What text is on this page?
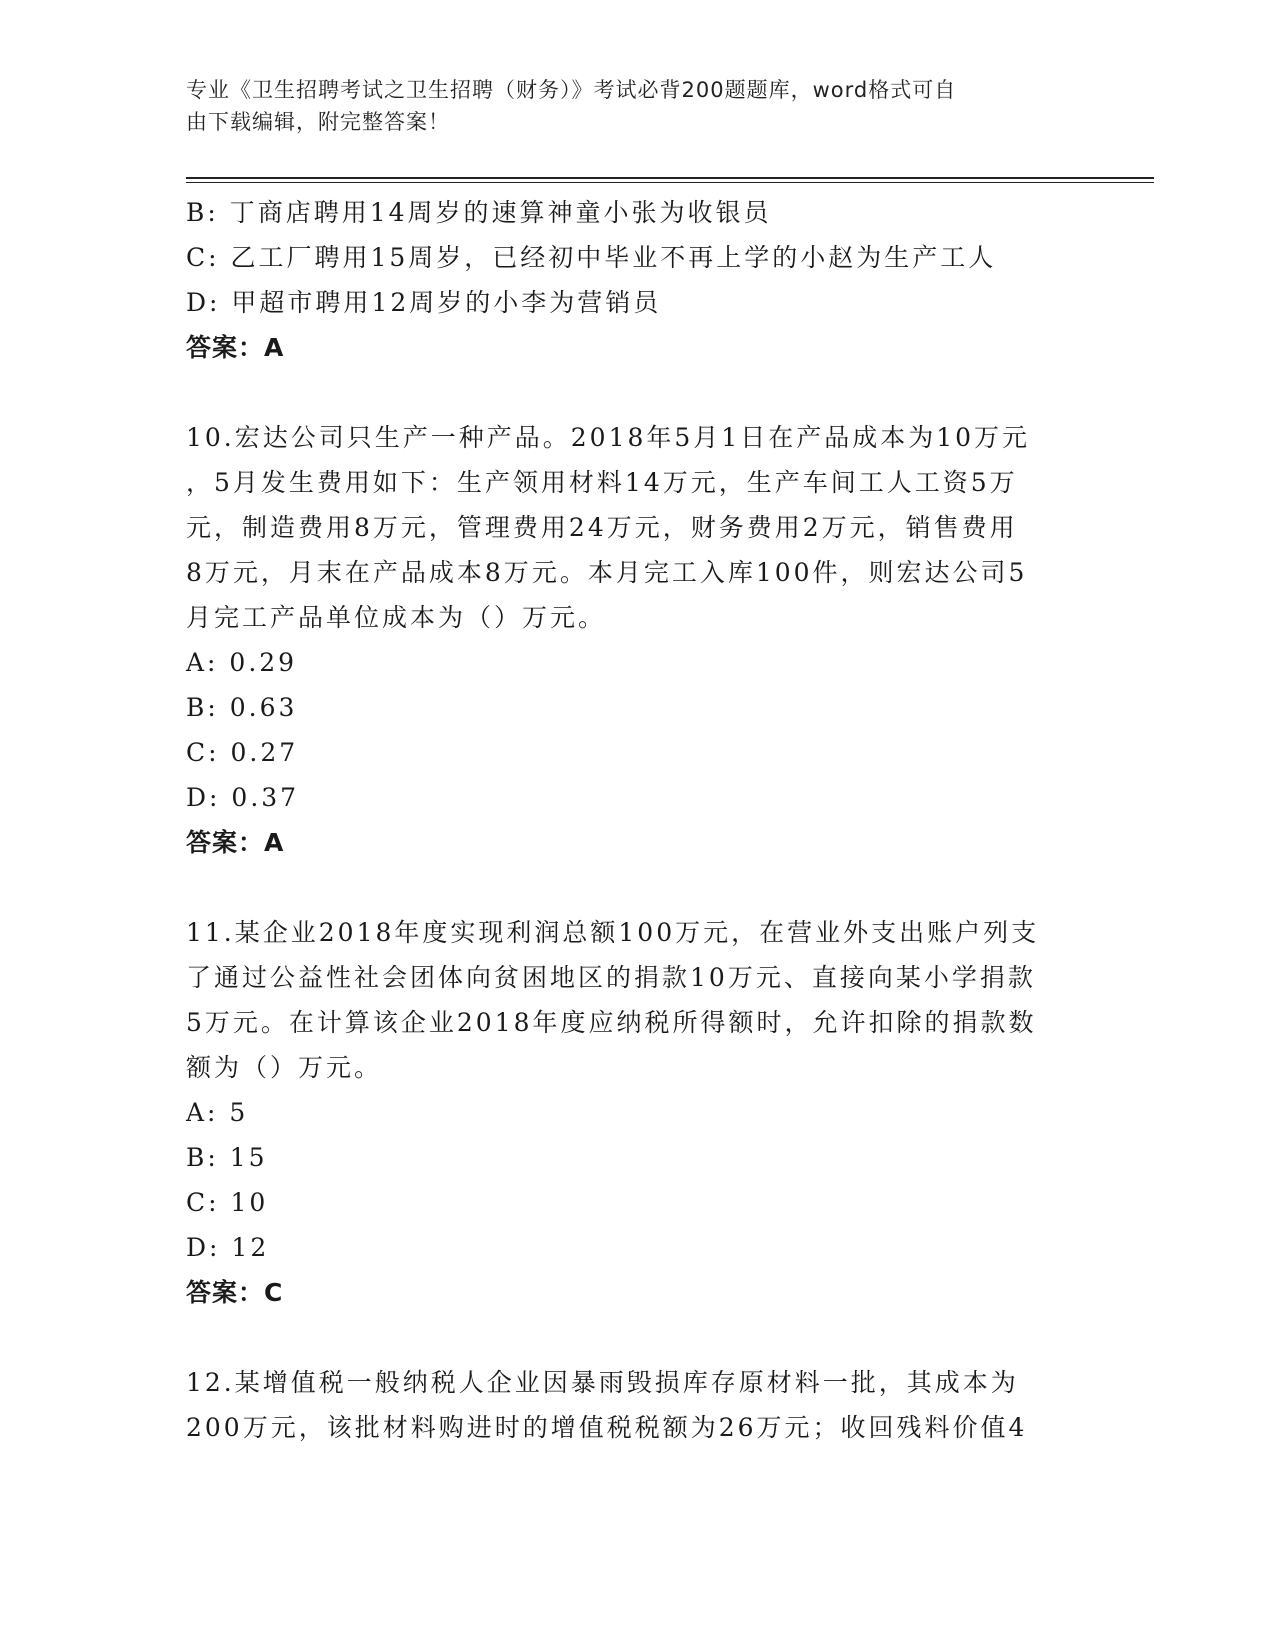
专业《卫生招聘考试之卫生招聘（财务）》考试必背200题题库，word格式可自
由下载编辑，附完整答案！
B: 丁商店聘用14周岁的速算神童小张为收银员
C: 乙工厂聘用15周岁，已经初中毕业不再上学的小赵为生产工人
D: 甲超市聘用12周岁的小李为营销员
答案：A
10.宏达公司只生产一种产品。2018年5月1日在产品成本为10万元
，5月发生费用如下：生产领用材料14万元，生产车间工人工资5万
元，制造费用8万元，管理费用24万元，财务费用2万元，销售费用
8万元，月末在产品成本8万元。本月完工入库100件，则宏达公司5
月完工产品单位成本为（）万元。
A: 0.29
B: 0.63
C: 0.27
D: 0.37
答案：A
11.某企业2018年度实现利润总额100万元，在营业外支出账户列支
了通过公益性社会团体向贫困地区的捐款10万元、直接向某小学捐款
5万元。在计算该企业2018年度应纳税所得额时，允许扣除的捐款数
额为（）万元。
A: 5
B: 15
C: 10
D: 12
答案：C
12.某增值税一般纳税人企业因暴雨毁损库存原材料一批，其成本为
200万元，该批材料购进时的增值税税额为26万元；收回残料价值4
